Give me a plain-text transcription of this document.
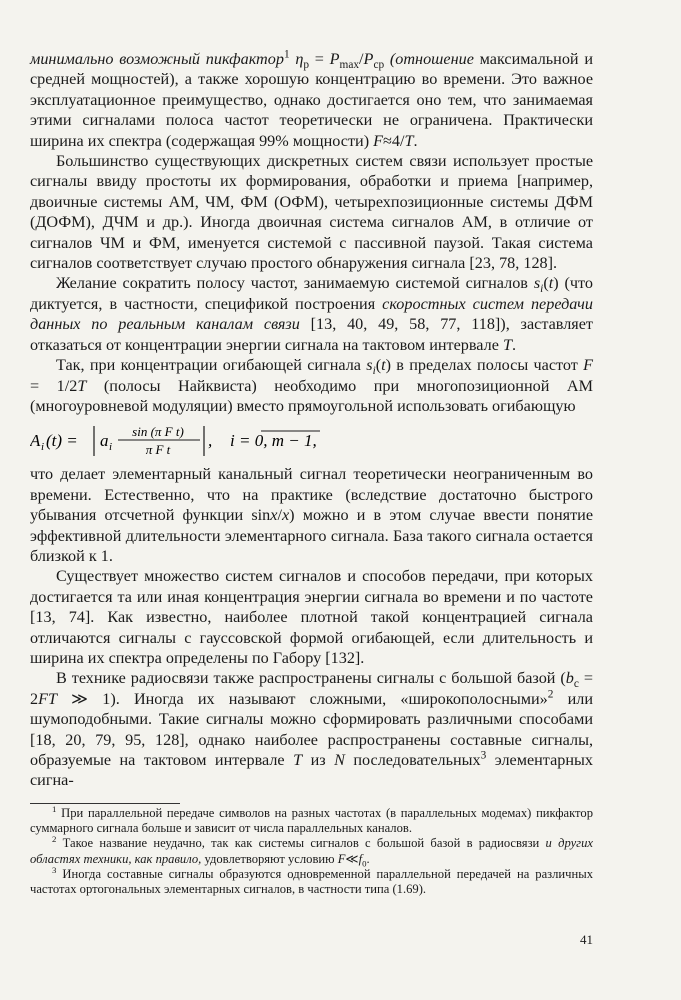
минимально возможный пикфактор$^1$ $\eta_p = P_{max}/P_{ср}$ (отношение максимальной и средней мощностей), а также хорошую концентрацию во времени. Это важное эксплуатационное преимущество, однако достигается оно тем, что занимаемая этими сигналами полоса частот теоретически не ограничена. Практически ширина их спектра (содержащая 99% мощности) F≈4/T.

Большинство существующих дискретных систем связи использует простые сигналы ввиду простоты их формирования, обработки и приема [например, двоичные системы АМ, ЧМ, ФМ (ОФМ), четырехпозиционные системы ДФМ (ДОФМ), ДЧМ и др.). Иногда двоичная система сигналов АМ, в отличие от сигналов ЧМ и ФМ, именуется системой с пассивной паузой. Такая система сигналов соответствует случаю простого обнаружения сигнала [23, 78, 128].

Желание сократить полосу частот, занимаемую системой сигналов $s_i(t)$ (что диктуется, в частности, спецификой построения скоростных систем передачи данных по реальным каналам связи [13, 40, 49, 58, 77, 118]), заставляет отказаться от концентрации энергии сигнала на тактовом интервале T.

Так, при концентрации огибающей сигнала $s_i(t)$ в пределах полосы частот F = 1/2T (полосы Найквиста) необходимо при многопозиционной АМ (многоуровневой модуляции) вместо прямоугольной использовать огибающую

A i (t) = a i
sin (π F t)
π F t , i = 0, m − 1,

что делает элементарный канальный сигнал теоретически неограниченным во времени. Естественно, что на практике (вследствие достаточно быстрого убывания отсчетной функции sinx/x) можно и в этом случае ввести понятие эффективной длительности элементарного сигнала. База такого сигнала остается близкой к 1.

Существует множество систем сигналов и способов передачи, при которых достигается та или иная концентрация энергии сигнала во времени и по частоте [13, 74]. Как известно, наиболее плотной такой концентрацией сигнала отличаются сигналы с гауссовской формой огибающей, если длительность и ширина их спектра определены по Габору [132].

В технике радиосвязи также распространены сигналы с большой базой ($b_c = 2FT$ ≫ 1). Иногда их называют сложными, «широкополосными»$^2$ или шумоподобными. Такие сигналы можно сформировать различными способами [18, 20, 79, 95, 128], однако наиболее распространены составные сигналы, образуемые на тактовом интервале T из N последовательных$^3$ элементарных сигна-

$^1$ При параллельной передаче символов на разных частотах (в параллельных модемах) пикфактор суммарного сигнала больше и зависит от числа параллельных каналов.

$^2$ Такое название неудачно, так как системы сигналов с большой базой в радиосвязи и других областях техники, как правило, удовлетворяют условию $F≪f_0$.

$^3$ Иногда составные сигналы образуются одновременной параллельной передачей на различных частотах ортогональных элементарных сигналов, в частности типа (1.69).

41
